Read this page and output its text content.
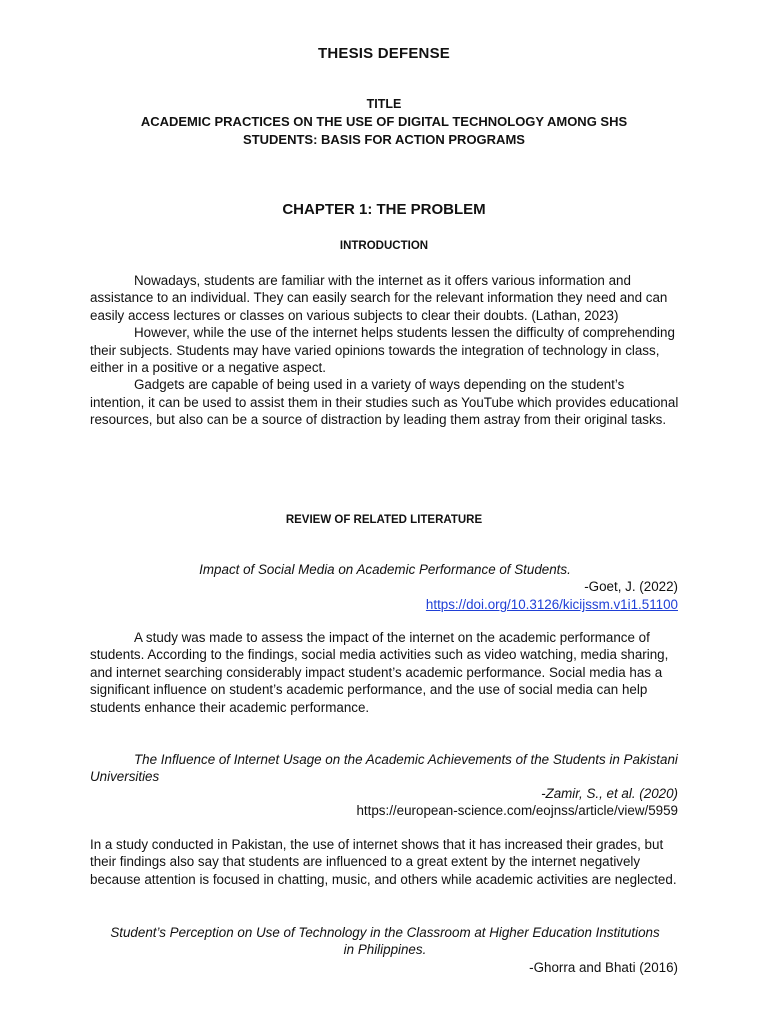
THESIS DEFENSE
TITLE
ACADEMIC PRACTICES ON THE USE OF DIGITAL TECHNOLOGY AMONG SHS
STUDENTS: BASIS FOR ACTION PROGRAMS
CHAPTER 1: THE PROBLEM
INTRODUCTION

Nowadays, students are familiar with the internet as it offers various information and assistance to an individual. They can easily search for the relevant information they need and can easily access lectures or classes on various subjects to clear their doubts. (Lathan, 2023)

However, while the use of the internet helps students lessen the difficulty of comprehending their subjects. Students may have varied opinions towards the integration of technology in class, either in a positive or a negative aspect.

Gadgets are capable of being used in a variety of ways depending on the student’s intention, it can be used to assist them in their studies such as YouTube which provides educational resources, but also can be a source of distraction by leading them astray from their original tasks.

REVIEW OF RELATED LITERATURE
Impact of Social Media on Academic Performance of Students.
-Goet, J. (2022)
https://doi.org/10.3126/kicijssm.v1i1.51100

A study was made to assess the impact of the internet on the academic performance of students. According to the findings, social media activities such as video watching, media sharing, and internet searching considerably impact student’s academic performance. Social media has a significant influence on student’s academic performance, and the use of social media can help students enhance their academic performance.

The Influence of Internet Usage on the Academic Achievements of the Students in Pakistani Universities

-Zamir, S., et al. (2020)
https://european-science.com/eojnss/article/view/5959

In a study conducted in Pakistan, the use of internet shows that it has increased their grades, but their findings also say that students are influenced to a great extent by the internet negatively because attention is focused in chatting, music, and others while academic activities are neglected.

Student’s Perception on Use of Technology in the Classroom at Higher Education Institutions in Philippines.
-Ghorra and Bhati (2016)
